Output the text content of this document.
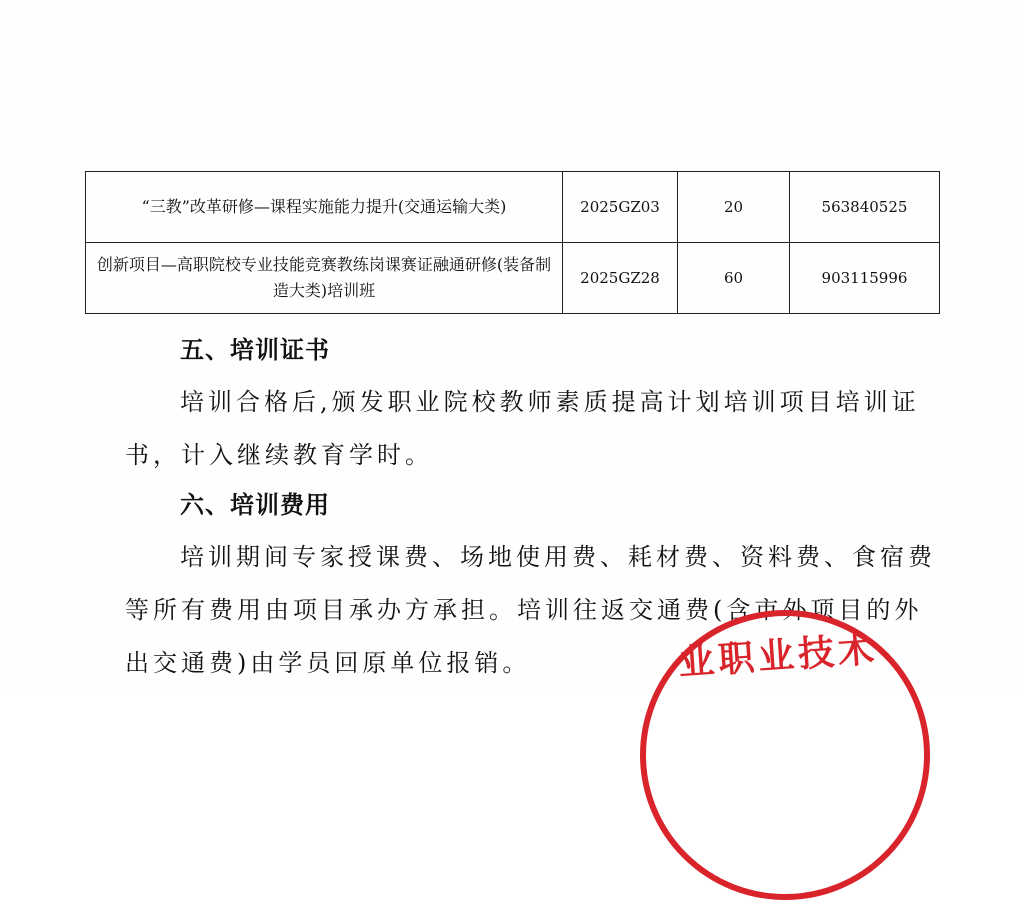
“三教”改革研修—课程实施能力提升(交通运输大类)	2025GZ03	20	563840525
创新项目—高职院校专业技能竞赛教练岗课赛证融通研修(装备制造大类)培训班	2025GZ28	60	903115996
五、培训证书
培训合格后,颁发职业院校教师素质提高计划培训项目培训证
书，计入继续教育学时。
六、培训费用
培训期间专家授课费、场地使用费、耗材费、资料费、食宿费
等所有费用由项目承办方承担。培训往返交通费(含市外项目的外
出交通费)由学员回原单位报销。	业职业技术
